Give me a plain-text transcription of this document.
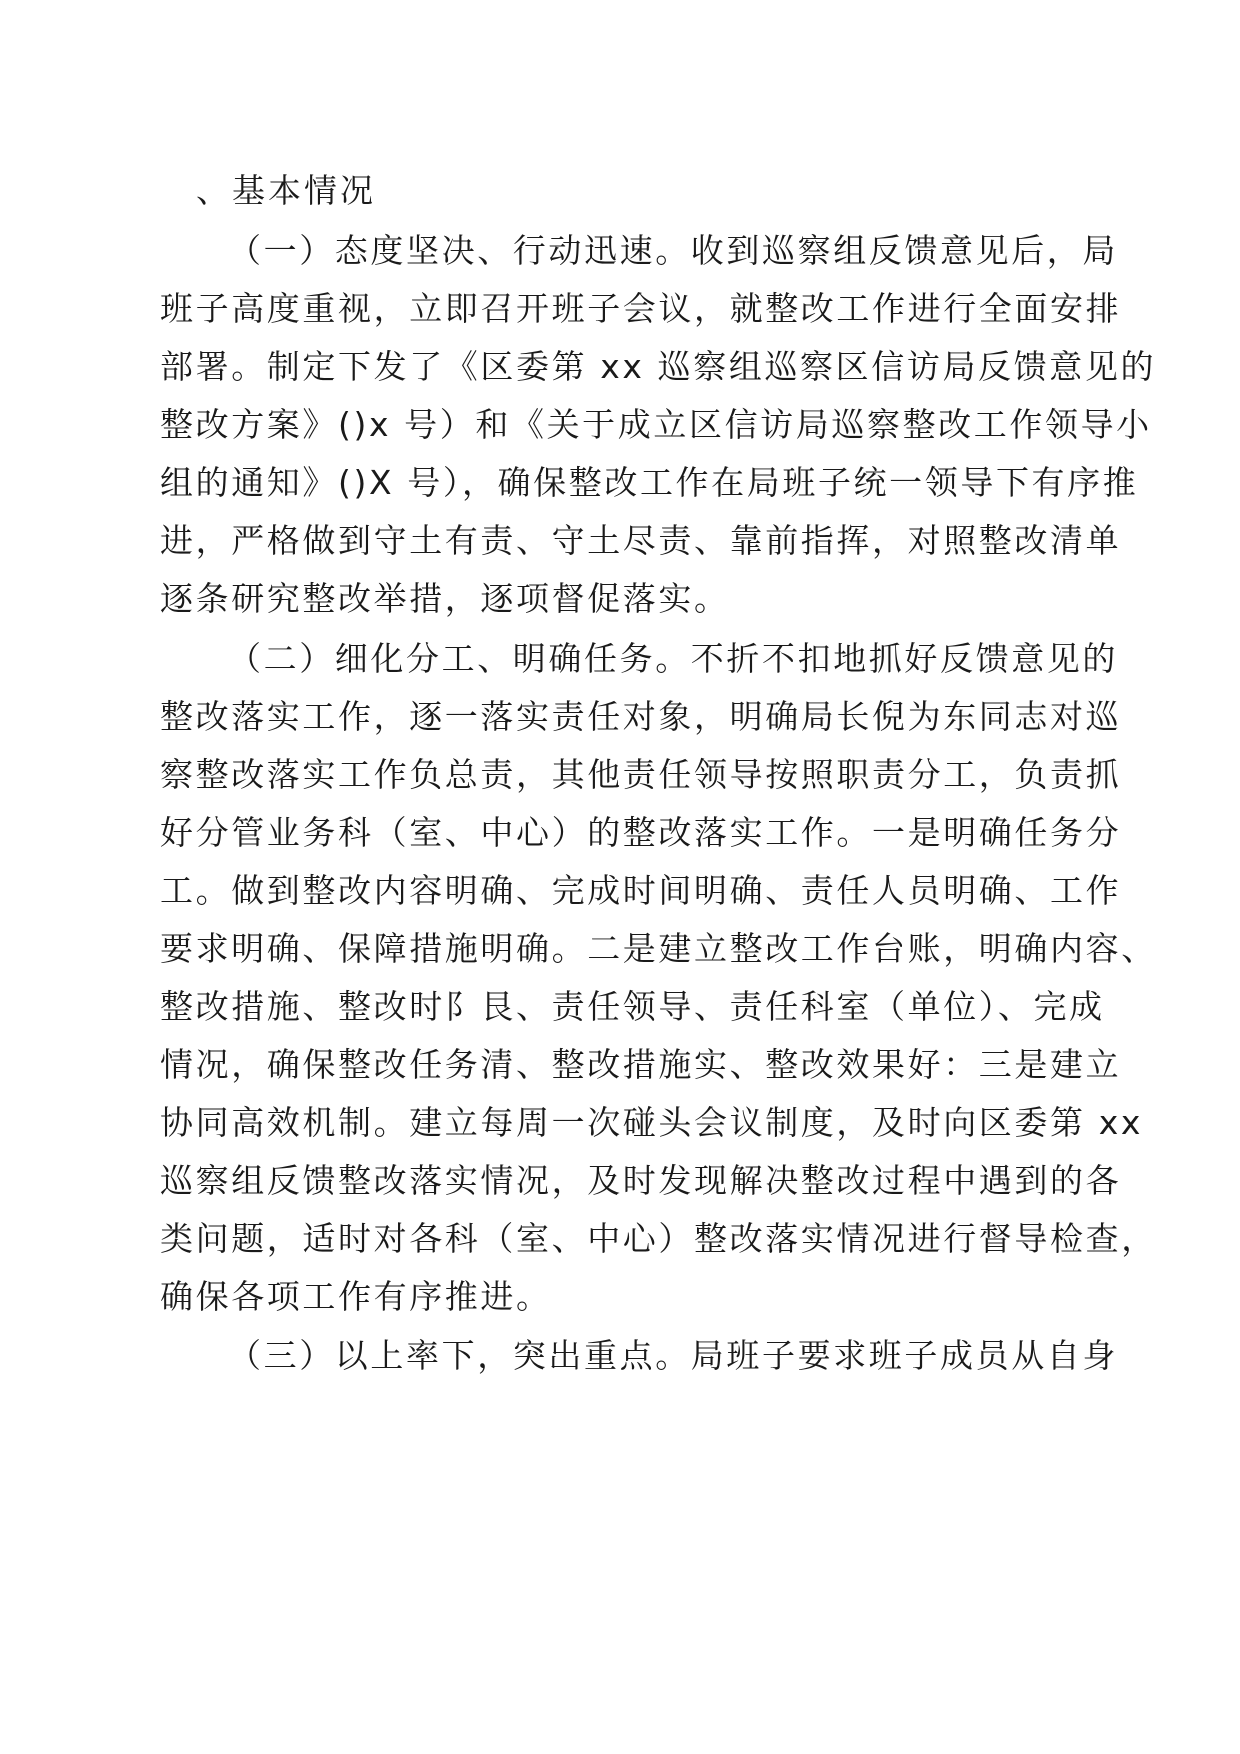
、基本情况
（一）态度坚决、行动迅速。收到巡察组反馈意见后，局
班子高度重视，立即召开班子会议，就整改工作进行全面安排
部署。制定下发了《区委第 xx 巡察组巡察区信访局反馈意见的
整改方案》()x 号）和《关于成立区信访局巡察整改工作领导小
组的通知》()X 号），确保整改工作在局班子统一领导下有序推
进，严格做到守土有责、守土尽责、靠前指挥，对照整改清单
逐条研究整改举措，逐项督促落实。
（二）细化分工、明确任务。不折不扣地抓好反馈意见的
整改落实工作，逐一落实责任对象，明确局长倪为东同志对巡
察整改落实工作负总责，其他责任领导按照职责分工，负责抓
好分管业务科（室、中心）的整改落实工作。一是明确任务分
工。做到整改内容明确、完成时间明确、责任人员明确、工作
要求明确、保障措施明确。二是建立整改工作台账，明确内容、
整改措施、整改时阝艮、责任领导、责任科室（单位）、完成
情况，确保整改任务清、整改措施实、整改效果好：三是建立
协同高效机制。建立每周一次碰头会议制度，及时向区委第 xx
巡察组反馈整改落实情况，及时发现解决整改过程中遇到的各
类问题，适时对各科（室、中心）整改落实情况进行督导检查，
确保各项工作有序推进。
（三）以上率下，突出重点。局班子要求班子成员从自身
